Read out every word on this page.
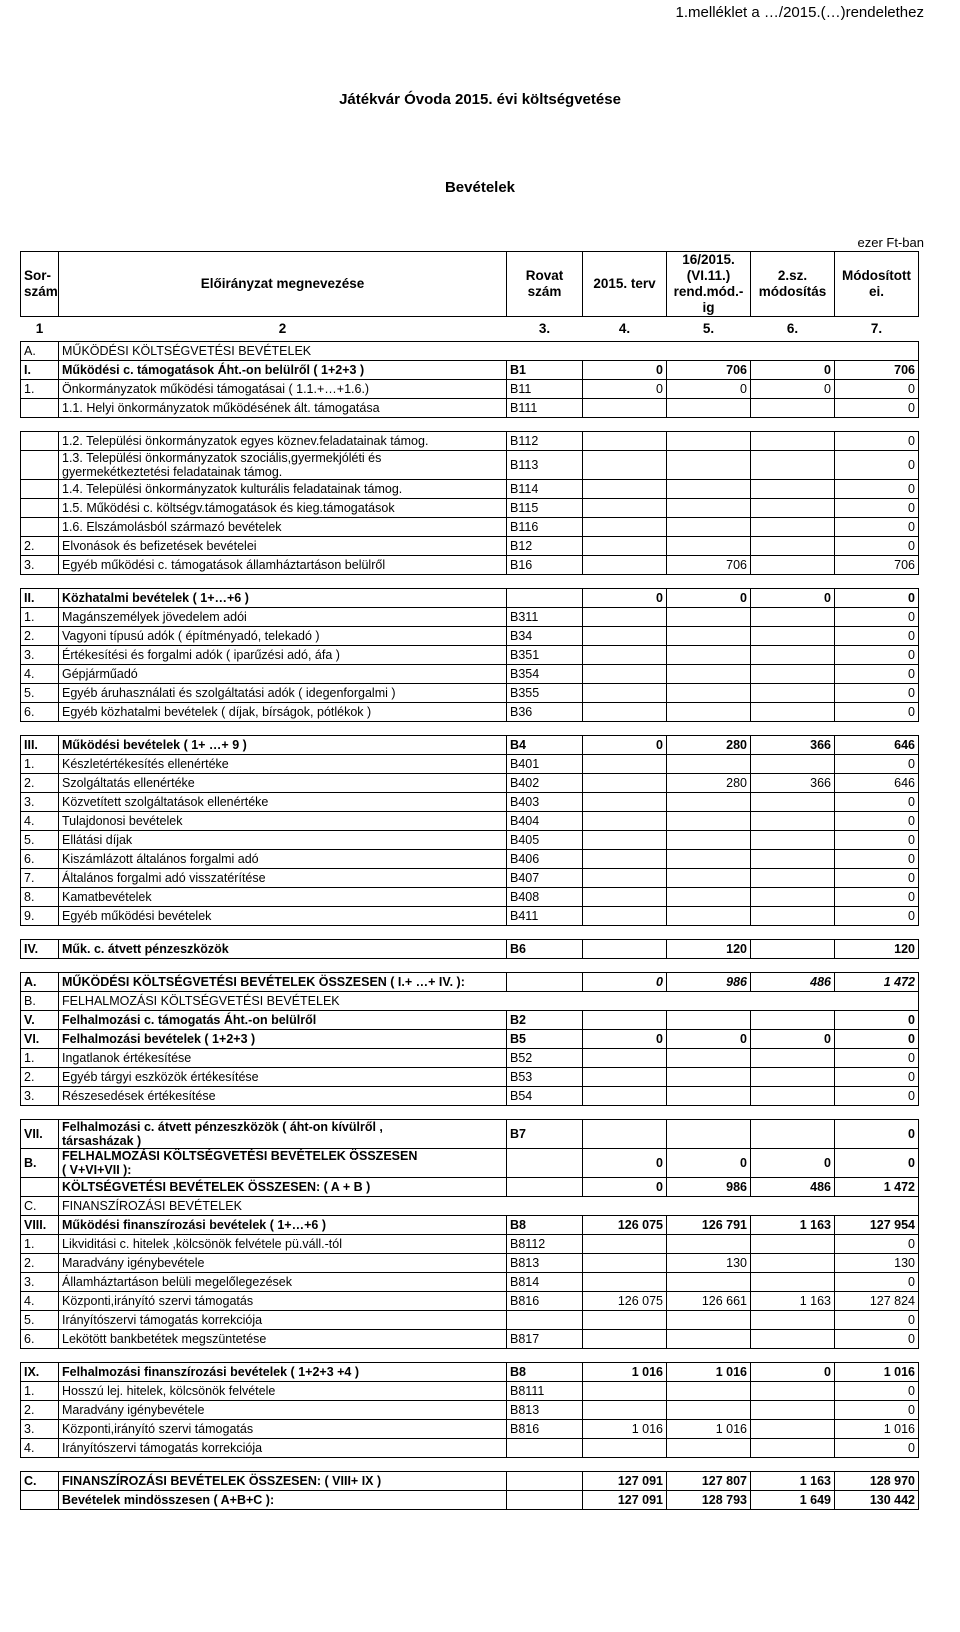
1.melléklet a …/2015.(…)rendelethez
Játékvár Óvoda 2015. évi költségvetése
Bevételek
ezer Ft-ban
Sor- szám	Előirányzat megnevezése	Rovat szám	2015. terv	16/2015.(VI.11.) rend.mód.-ig	2.sz. módosítás	Módosított ei.
1	2	3.	4.	5.	6.	7.
A.	MŰKÖDÉSI KÖLTSÉGVETÉSI BEVÉTELEK					
I.	Működési c. támogatások Áht.-on belülről ( 1+2+3 )	B1	0	706	0	706
1.	Önkormányzatok működési támogatásai ( 1.1.+…+1.6.)	B11	0	0	0	0
	1.1. Helyi önkormányzatok működésének ált. támogatása	B111				0

	1.2. Települési önkormányzatok egyes köznev.feladatainak támog.	B112				0

	1.3. Települési önkormányzatok szociális,gyermekjóléti és
gyermekétkeztetési feladatainak támog.	B113				0
	1.4. Települési önkormányzatok kulturális feladatainak támog.	B114				0
	1.5. Működési c. költségv.támogatások és kieg.támogatások	B115				0
	1.6. Elszámolásból származó bevételek	B116				0
2.	Elvonások és befizetések bevételei	B12				0
3.	Egyéb működési c. támogatások államháztartáson belülről	B16		706		706

II.	Közhatalmi bevételek ( 1+…+6 )		0	0	0	0
1.	Magánszemélyek jövedelem adói	B311				0
2.	Vagyoni típusú adók ( építményadó, telekadó )	B34				0
3.	Értékesítési és forgalmi adók ( iparűzési adó, áfa )	B351				0
4.	Gépjárműadó	B354				0
5.	Egyéb áruhasználati és szolgáltatási adók ( idegenforgalmi )	B355				0
6.	Egyéb közhatalmi bevételek ( díjak, bírságok, pótlékok )	B36				0

III.	Működési bevételek ( 1+ …+ 9 )	B4	0	280	366	646
1.	Készletértékesítés ellenértéke	B401				0
2.	Szolgáltatás ellenértéke	B402		280	366	646
3.	Közvetített szolgáltatások ellenértéke	B403				0
4.	Tulajdonosi bevételek	B404				0
5.	Ellátási díjak	B405				0
6.	Kiszámlázott általános forgalmi adó	B406				0
7.	Általános forgalmi adó visszatérítése	B407				0
8.	Kamatbevételek	B408				0
9.	Egyéb működési bevételek	B411				0

IV.	Műk. c. átvett pénzeszközök	B6		120		120

A.	MŰKÖDÉSI KÖLTSÉGVETÉSI BEVÉTELEK ÖSSZESEN ( I.+ …+ IV. ):		0	986	486	1 472
B.	FELHALMOZÁSI KÖLTSÉGVETÉSI BEVÉTELEK					
V.	Felhalmozási c. támogatás Áht.-on belülről	B2				0
VI.	Felhalmozási bevételek ( 1+2+3 )	B5	0	0	0	0
1.	Ingatlanok értékesítése	B52				0
2.	Egyéb tárgyi eszközök értékesítése	B53				0
3.	Részesedések értékesítése	B54				0

VII.	Felhalmozási c. átvett pénzeszközök ( áht-on kívülről ,
társasházak )	B7				0
B.	FELHALMOZÁSI KÖLTSÉGVETÉSI BEVÉTELEK ÖSSZESEN
( V+VI+VII ):		0	0	0	0
	KÖLTSÉGVETÉSI BEVÉTELEK ÖSSZESEN: ( A + B )		0	986	486	1 472
C.	FINANSZÍROZÁSI BEVÉTELEK					
VIII.	Működési finanszírozási bevételek ( 1+…+6 )	B8	126 075	126 791	1 163	127 954
1.	Likviditási c. hitelek ,kölcsönök felvétele pü.váll.-tól	B8112				0
2.	Maradvány igénybevétele	B813		130		130
3.	Államháztartáson belüli megelőlegezések	B814				0
4.	Központi,irányító szervi támogatás	B816	126 075	126 661	1 163	127 824
5.	Irányítószervi támogatás korrekciója					0
6.	Lekötött bankbetétek megszüntetése	B817				0

IX.	Felhalmozási finanszírozási bevételek ( 1+2+3 +4 )	B8	1 016	1 016	0	1 016
1.	Hosszú lej. hitelek, kölcsönök felvétele	B8111				0
2.	Maradvány igénybevétele	B813				0
3.	Központi,irányító szervi támogatás	B816	1 016	1 016		1 016
4.	Irányítószervi támogatás korrekciója					0

C.	FINANSZÍROZÁSI BEVÉTELEK ÖSSZESEN: ( VIII+ IX )		127 091	127 807	1 163	128 970
	Bevételek mindösszesen ( A+B+C ):		127 091	128 793	1 649	130 442
